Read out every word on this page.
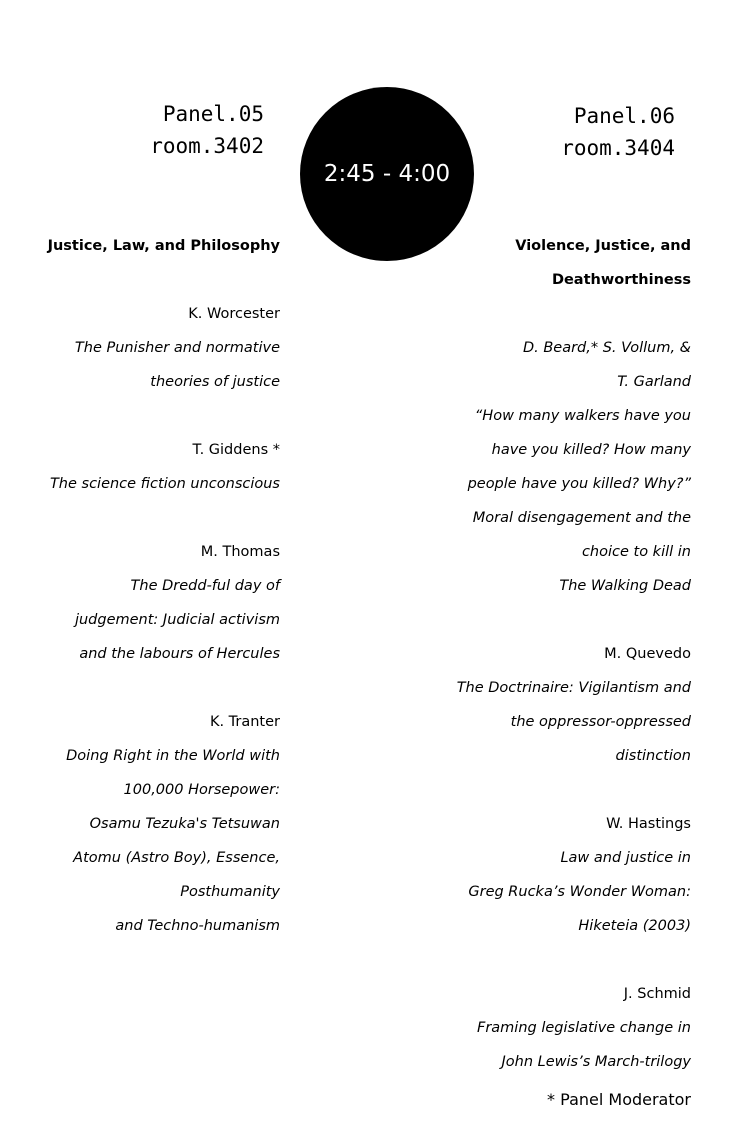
Panel.05
room.3402
2:45 - 4:00
Panel.06
room.3404
Justice, Law, and Philosophy
K. Worcester
The Punisher and normative
theories of justice
T. Giddens *
The science fiction unconscious
M. Thomas
The Dredd-ful day of
judgement: Judicial activism
and the labours of Hercules
K. Tranter
Doing Right in the World with
100,000 Horsepower:
Osamu Tezuka's Tetsuwan
Atomu (Astro Boy), Essence,
Posthumanity
and Techno-humanism
Violence, Justice, and
Deathworthiness
D. Beard,* S. Vollum, &
T. Garland
“How many walkers have you
have you killed? How many
people have you killed? Why?”
Moral disengagement and the
choice to kill in
The Walking Dead
M. Quevedo
The Doctrinaire: Vigilantism and
the oppressor-oppressed
distinction
W. Hastings
Law and justice in
Greg Rucka’s Wonder Woman:
Hiketeia (2003)
J. Schmid
Framing legislative change in
John Lewis’s March-trilogy
* Panel Moderator
